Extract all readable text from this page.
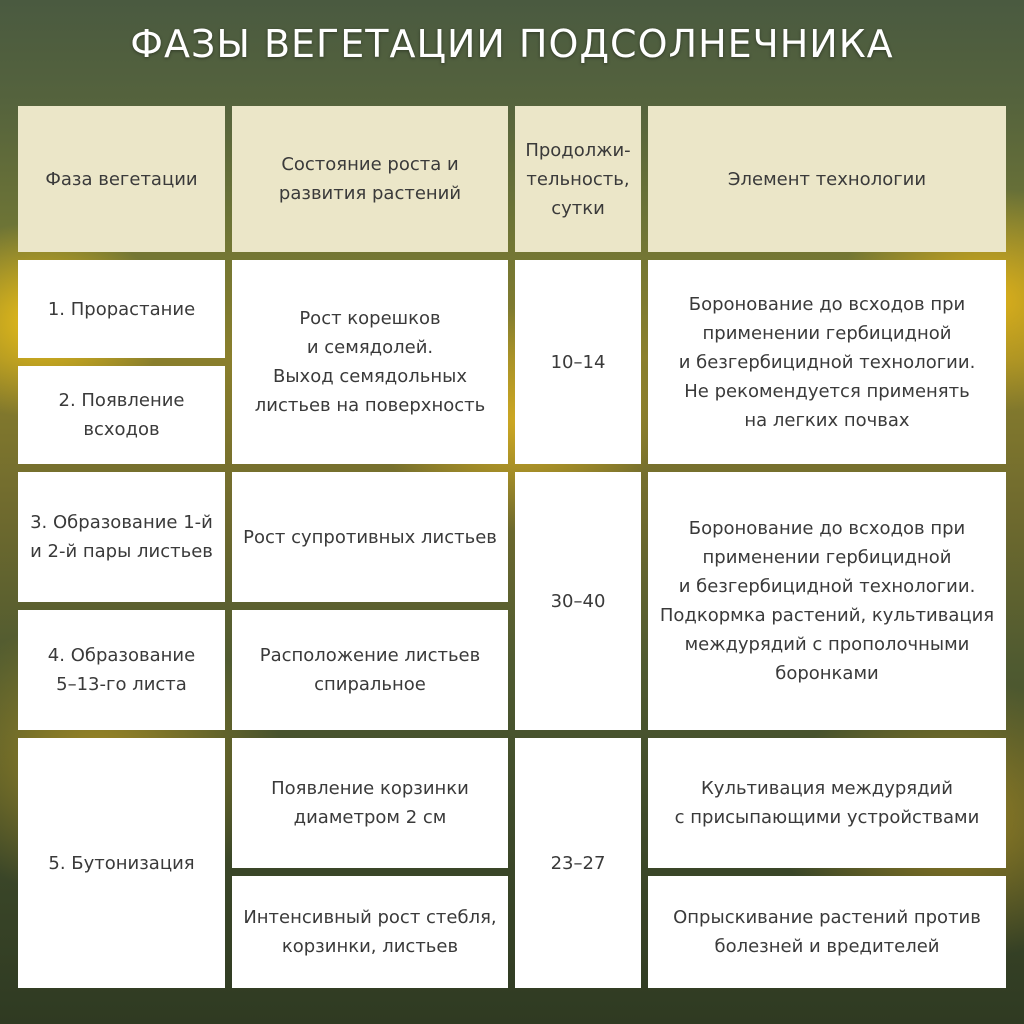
ФАЗЫ ВЕГЕТАЦИИ ПОДСОЛНЕЧНИКА
Фаза вегетации
Состояние роста и
развития растений
Продолжи-
тельность,
сутки
Элемент технологии
1. Прорастание
2. Появление
всходов
3. Образование 1-й
и 2-й пары листьев
4. Образование
5–13-го листа
5. Бутонизация
Рост корешков
и семядолей.
Выход семядольных
листьев на поверхность
Рост супротивных листьев
Расположение листьев
спиральное
Появление корзинки
диаметром 2 см
Интенсивный рост стебля,
корзинки, листьев
10–14
30–40
23–27
Боронование до всходов при
применении гербицидной
и безгербицидной технологии.
Не рекомендуется применять
на легких почвах
Боронование до всходов при
применении гербицидной
и безгербицидной технологии.
Подкормка растений, культивация
междурядий с прополочными
боронками
Культивация междурядий
с присыпающими устройствами
Опрыскивание растений против
болезней и вредителей
